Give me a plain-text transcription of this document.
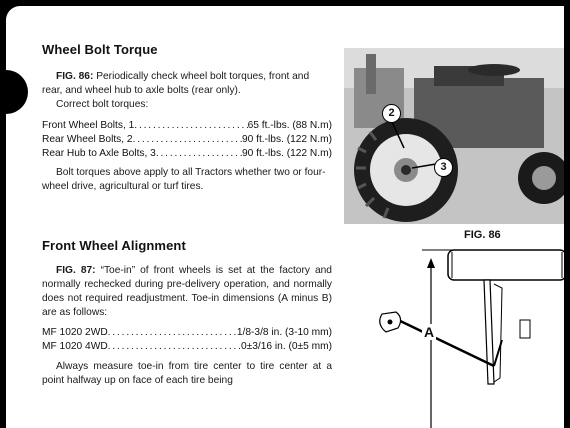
Wheel Bolt Torque
FIG. 86: Periodically check wheel bolt torques, front and rear, and wheel hub to axle bolts (rear only).
Correct bolt torques:
Front Wheel Bolts, 1 . . .	65 ft.-lbs. (88 N.m)
Rear Wheel Bolts, 2 . . .	90 ft.-lbs. (122 N.m)
Rear Hub to Axle Bolts, 3 . . .	90 ft.-lbs. (122 N.m)
Bolt torques above apply to all Tractors whether two or four-wheel drive, agricultural or turf tires.
Front Wheel Alignment
FIG. 87: “Toe-in” of front wheels is set at the factory and normally rechecked during pre-delivery operation, and normally does not required readjustment. Toe-in dimensions (A minus B) are as follows:
MF 1020 2WD . . .	1/8-3/8 in. (3-10 mm)
MF 1020 4WD . . .	0±3/16 in. (0±5 mm)
Always measure toe-in from tire center to tire center at a point halfway up on face of each tire being
2
3
FIG. 86
A
